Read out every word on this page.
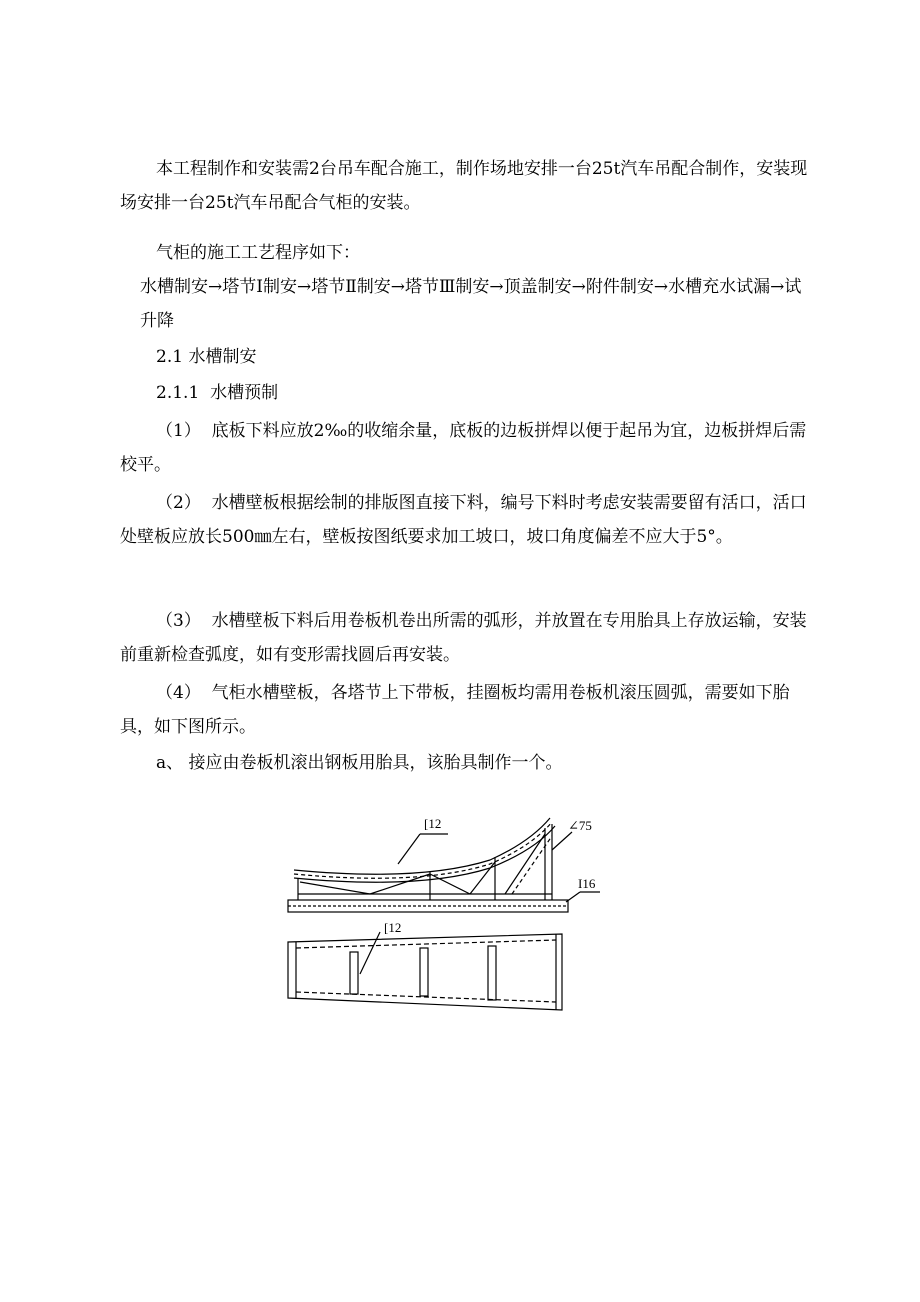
本工程制作和安装需2台吊车配合施工，制作场地安排一台25t汽车吊配合制作，安装现场安排一台25t汽车吊配合气柜的安装。

气柜的施工工艺程序如下：

水槽制安→塔节Ⅰ制安→塔节Ⅱ制安→塔节Ⅲ制安→顶盖制安→附件制安→水槽充水试漏→试升降

2.1 水槽制安

2.1.1  水槽预制

（1）  底板下料应放2‰的收缩余量，底板的边板拼焊以便于起吊为宜，边板拼焊后需校平。

（2）  水槽壁板根据绘制的排版图直接下料，编号下料时考虑安装需要留有活口，活口处壁板应放长500㎜左右，壁板按图纸要求加工坡口，坡口角度偏差不应大于5°。

（3）  水槽壁板下料后用卷板机卷出所需的弧形，并放置在专用胎具上存放运输，安装前重新检查弧度，如有变形需找圆后再安装。

（4）  气柜水槽壁板，各塔节上下带板，挂圈板均需用卷板机滚压圆弧，需要如下胎具，如下图所示。

a、 接应由卷板机滚出钢板用胎具，该胎具制作一个。

[12	∠75
I16
[12
